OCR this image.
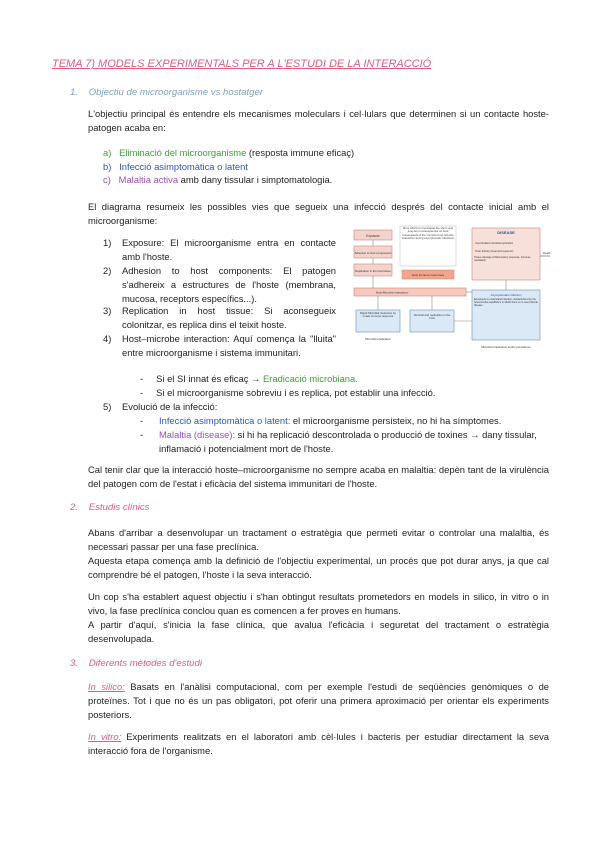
TEMA 7) MODELS EXPERIMENTALS PER A L'ESTUDI DE LA INTERACCIÓ
1. Objectiu de microorganisme vs hostatger
L'objectiu principal és entendre els mecanismes moleculars i cel·lulars que determinen si un contacte hoste-patogen acaba en:
a) Eliminació del microorganisme (resposta immune eficaç)
b) Infecció asimptomàtica o latent
c) Malaltia activa amb dany tissular i simptomatologia.
El diagrama resumeix les possibles vies que segueix una infecció després del contacte inicial amb el microorganisme:
1) Exposure: El microorganisme entra en contacte amb l'hoste.
2) Adhesion to host components: El patogen s'adhereix a estructures de l'hoste (membrana, mucosa, receptors específics...).
3) Replication in host tissue: Si aconsegueix colonitzar, es replica dins el teixit hoste.
4) Host–microbe interaction: Aquí comença la "lluita" entre microorganisme i sistema immunitari.
-     Si el SI innat és eficaç → Eradicació microbiana.
-     Si el microorganisme sobreviu i es replica, pot establir una infecció.
5) Evolució de la infecció:
- Infecció asimptomàtica o latent: el microorganisme persisteix, no hi ha símptomes.
- Malaltia (disease): si hi ha replicació descontrolada o producció de toxines → dany tissular, inflamació i potencialment mort de l'hoste.
Cal tenir clar que la interacció hoste–microorganisme no sempre acaba en malaltia: depèn tant de la virulència del patogen com de l'estat i eficàcia del sistema immunitari de l'hoste.
Exposure
Adhesion to host components
Replication in the host tissue
More efforts to investigate the short- and long-term consequences on host homeostasis of the complex host-microbe interaction during asymptomatic infections
Host immune responses
Host-Microbe interaction
Rapid Microbial clearance by innate immune response	Survival and replication in the host
Microbial eradication
DISEASE
Uncontrolled microbial replication
Toxin activity (local and systemic)
Tissue damage (inflammatory response, immune-mediated)
Death
Asymptomatic infection
Equipment to understand infection, characterized by the host-microbe equilibrium in which there is no overt clinical disease
Microbial eradication and/or persistence
2. Estudis clínics
Abans d'arribar a desenvolupar un tractament o estratègia que permeti evitar o controlar una malaltia, és necessari passar per una fase preclínica.
Aquesta etapa comença amb la definició de l'objectiu experimental, un procés que pot durar anys, ja que cal comprendre bé el patogen, l'hoste i la seva interacció.
Un cop s'ha establert aquest objectiu i s'han obtingut resultats prometedors en models in silico, in vitro o in vivo, la fase preclínica conclou quan es comencen a fer proves en humans.
A partir d'aquí, s'inicia la fase clínica, que avalua l'eficàcia i seguretat del tractament o estratègia desenvolupada.
3. Diferents mètodes d'estudi
In silico: Basats en l'anàlisi computacional, com per exemple l'estudi de seqüències genòmiques o de proteïnes. Tot i que no és un pas obligatori, pot oferir una primera aproximació per orientar els experiments posteriors.
In vitro: Experiments realitzats en el laboratori amb cèl·lules i bacteris per estudiar directament la seva interacció fora de l'organisme.
